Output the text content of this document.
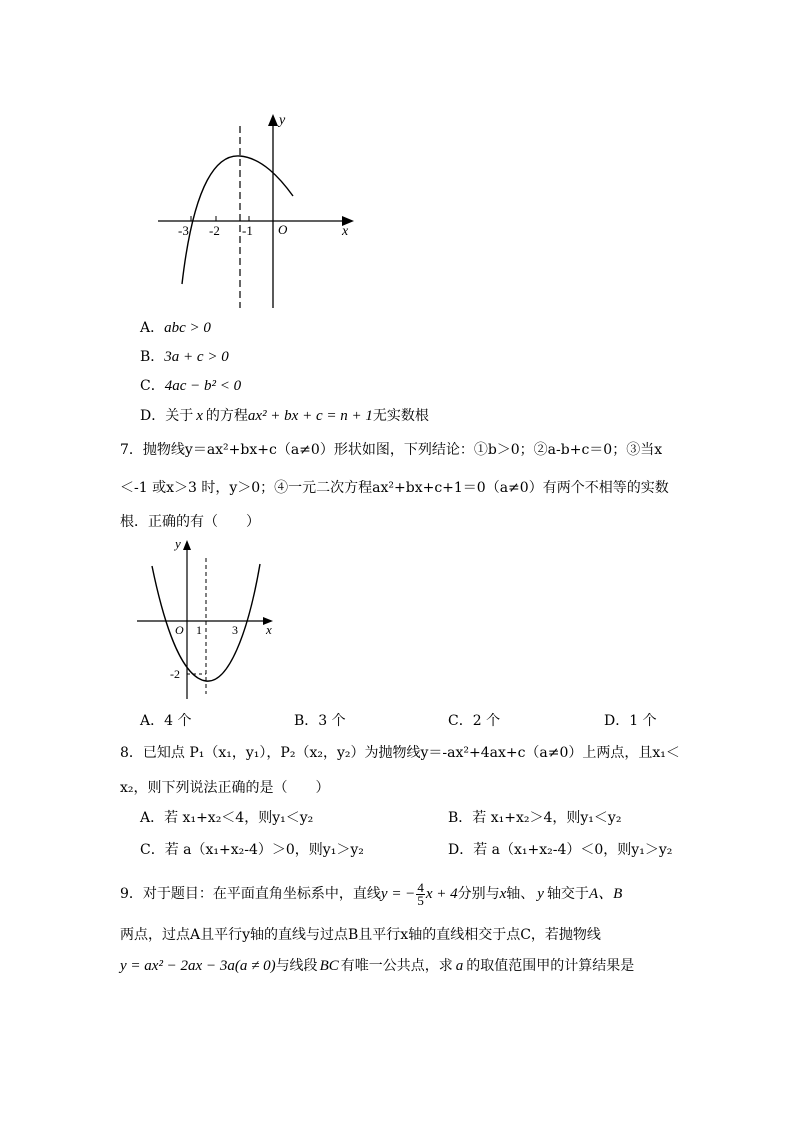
y
x
O
-3 -2 -1
A．abc > 0
B．3a + c > 0
C．4ac − b² < 0
D．关于 x 的方程ax² + bx + c = n + 1无实数根
7．抛物线y＝ax²+bx+c（a≠0）形状如图，下列结论：①b＞0；②a-b+c＝0；③当x
＜-1 或x＞3 时，y＞0；④一元二次方程ax²+bx+c+1＝0（a≠0）有两个不相等的实数
根．正确的有（　　）
y
x
O 1	3
-2
A．4 个	B．3 个	C．2 个	D．1 个
8．已知点 P₁（x₁，y₁），P₂（x₂，y₂）为抛物线y＝-ax²+4ax+c（a≠0）上两点，且x₁＜
x₂，则下列说法正确的是（　　）
A．若 x₁+x₂＜4，则y₁＜y₂	B．若 x₁+x₂＞4，则y₁＜y₂
C．若 a（x₁+x₂-4）＞0，则y₁＞y₂	D．若 a（x₁+x₂-4）＜0，则y₁＞y₂
9．对于题目：在平面直角坐标系中，直线y = − $\frac{4}{5}$ x + 4分别与x轴、 y 轴交于A、B
两点，过点A且平行y轴的直线与过点B且平行x轴的直线相交于点C，若抛物线
y = ax² − 2ax − 3a(a ≠ 0)与线段 BC 有唯一公共点，求 a 的取值范围甲的计算结果是
